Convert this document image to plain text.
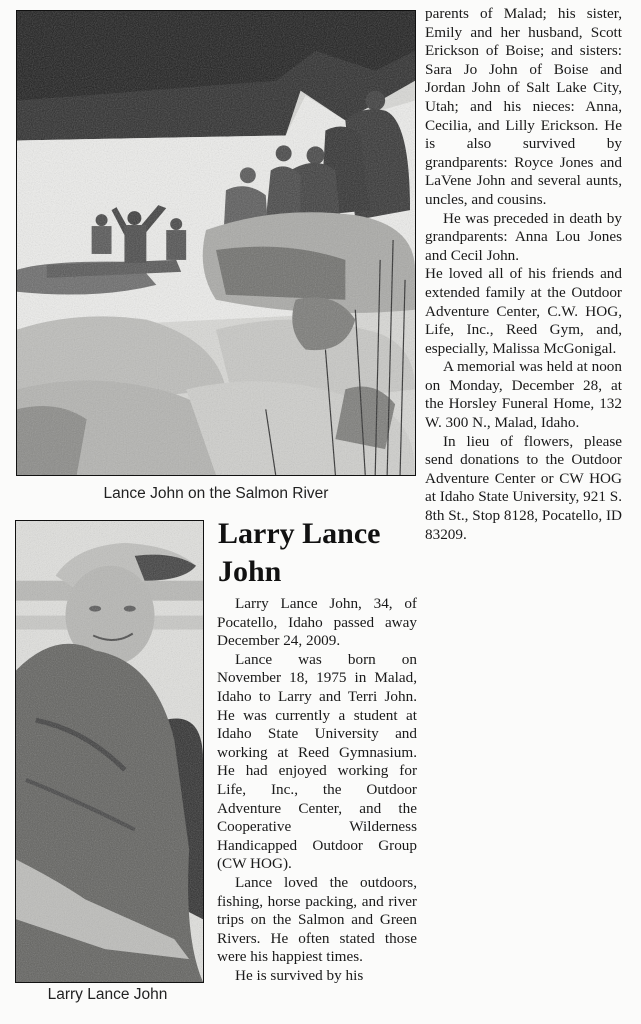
Lance John on the Salmon River
Larry Lance John
Larry Lance John

Larry Lance John, 34, of Pocatello, Idaho passed away December 24, 2009.

Lance was born on November 18, 1975 in Malad, Idaho to Larry and Terri John. He was currently a student at Idaho State University and working at Reed Gymnasium. He had enjoyed working for Life, Inc., the Outdoor Adventure Center, and the Cooperative Wilderness Handicapped Outdoor Group (CW HOG).

Lance loved the outdoors, fishing, horse packing, and river trips on the Salmon and Green Rivers. He often stated those were his happiest times.

He is survived by his

parents of Malad; his sister, Emily and her husband, Scott Erickson of Boise; and sisters: Sara Jo John of Boise and Jordan John of Salt Lake City, Utah; and his nieces: Anna, Cecilia, and Lilly Erickson. He is also survived by grandparents: Royce Jones and LaVene John and several aunts, uncles, and cousins.

He was preceded in death by grandparents: Anna Lou Jones and Cecil John.

He loved all of his friends and extended family at the Outdoor Adventure Center, C.W. HOG, Life, Inc., Reed Gym, and, especially, Malissa McGonigal.

A memorial was held at noon on Monday, December 28, at the Horsley Funeral Home, 132 W. 300 N., Malad, Idaho.

In lieu of flowers, please send donations to the Outdoor Adventure Center or CW HOG at Idaho State University, 921 S. 8th St., Stop 8128, Pocatello, ID 83209.
